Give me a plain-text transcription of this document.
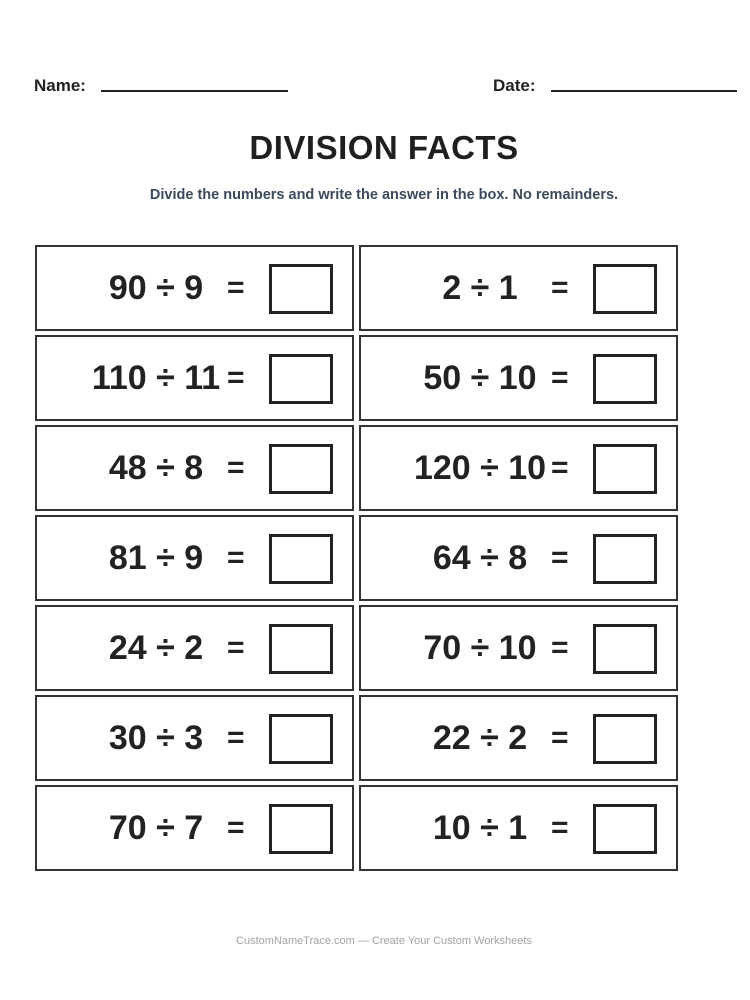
Name:	Date:
DIVISION FACTS
Divide the numbers and write the answer in the box. No remainders.
90 ÷ 9 =	2 ÷ 1	=
110 ÷ 11 =	50 ÷ 10 =
48 ÷ 8 =	120 ÷ 10 =
81 ÷ 9 =	64 ÷ 8 =
24 ÷ 2 =	70 ÷ 10 =
30 ÷ 3 =	22 ÷ 2 =
70 ÷ 7 =	10 ÷ 1 =
CustomNameTrace.com — Create Your Custom Worksheets
